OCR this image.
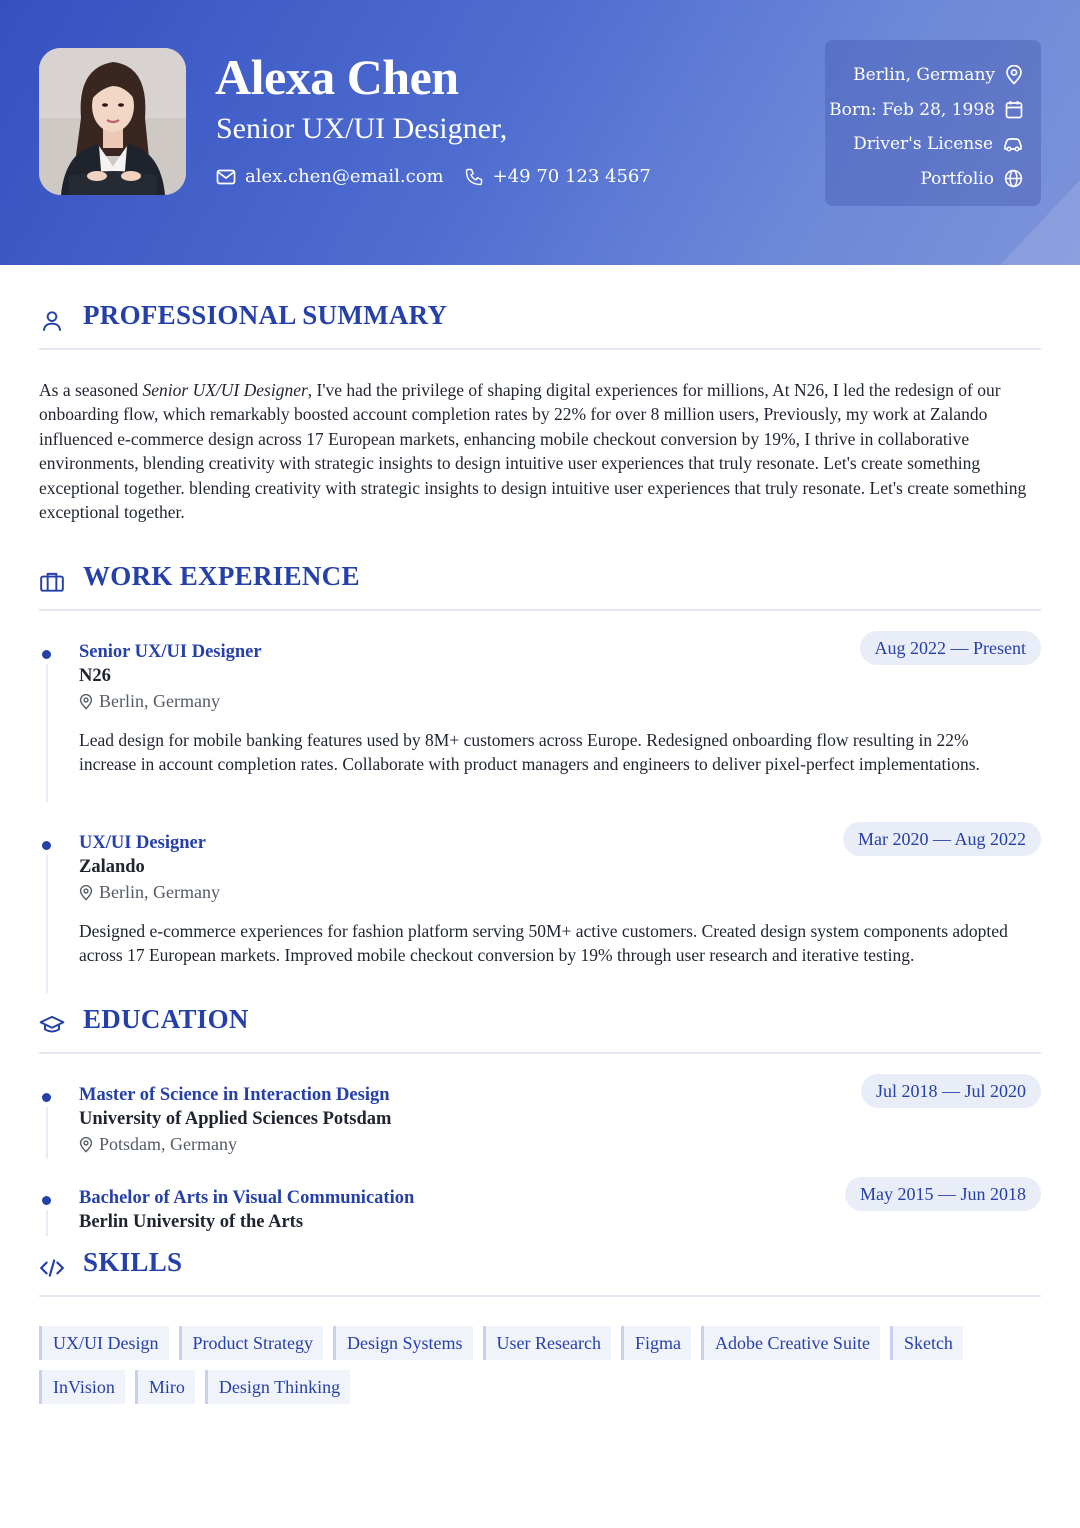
Alexa Chen
Senior UX/UI Designer,
alex.chen@email.com	+49 70 123 4567
Berlin, Germany
Born: Feb 28, 1998
Driver's License
Portfolio
PROFESSIONAL SUMMARY
As a seasoned Senior UX/UI Designer, I've had the privilege of shaping digital experiences for millions, At N26, I led the redesign of our onboarding flow, which remarkably boosted account completion rates by 22% for over 8 million users, Previously, my work at Zalando influenced e-commerce design across 17 European markets, enhancing mobile checkout conversion by 19%, I thrive in collaborative environments, blending creativity with strategic insights to design intuitive user experiences that truly resonate. Let's create something exceptional together. blending creativity with strategic insights to design intuitive user experiences that truly resonate. Let's create something exceptional together.
WORK EXPERIENCE
Senior UX/UI Designer
N26
Berlin, Germany
Lead design for mobile banking features used by 8M+ customers across Europe. Redesigned onboarding flow resulting in 22% increase in account completion rates. Collaborate with product managers and engineers to deliver pixel-perfect implementations.
Aug 2022 — Present
UX/UI Designer
Zalando
Berlin, Germany
Designed e-commerce experiences for fashion platform serving 50M+ active customers. Created design system components adopted across 17 European markets. Improved mobile checkout conversion by 19% through user research and iterative testing.
Mar 2020 — Aug 2022
EDUCATION
Master of Science in Interaction Design
University of Applied Sciences Potsdam
Potsdam, Germany
Jul 2018 — Jul 2020
Bachelor of Arts in Visual Communication
Berlin University of the Arts
May 2015 — Jun 2018
SKILLS
UX/UI Design	Product Strategy	Design Systems	User Research	Figma	Adobe Creative Suite	Sketch
InVision	Miro	Design Thinking
